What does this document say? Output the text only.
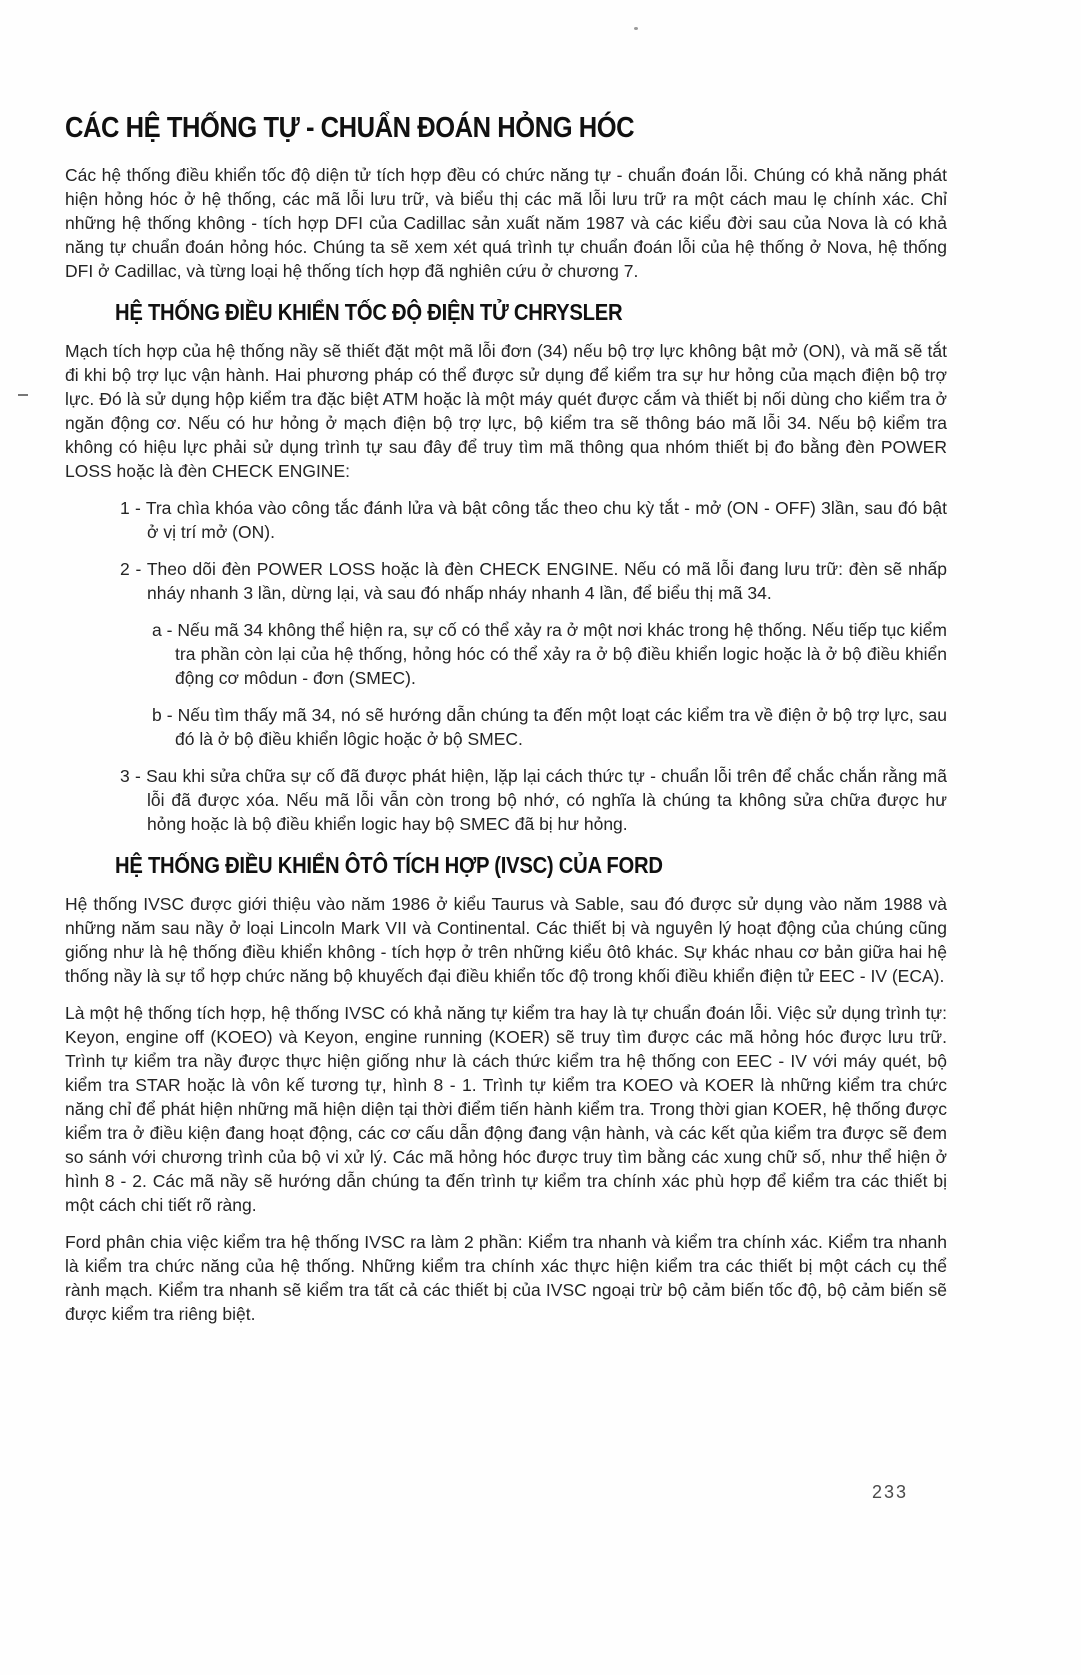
CÁC HỆ THỐNG TỰ - CHUẨN ĐOÁN HỎNG HÓC

Các hệ thống điều khiển tốc độ diện tử tích hợp đều có chức năng tự - chuẩn đoán lỗi. Chúng có khả năng phát hiện hỏng hóc ở hệ thống, các mã lỗi lưu trữ, và biểu thị các mã lỗi lưu trữ ra một cách mau lẹ chính xác. Chỉ những hệ thống không - tích hợp DFI của Cadillac sản xuất năm 1987 và các kiểu đời sau của Nova là có khả năng tự chuẩn đoán hỏng hóc. Chúng ta sẽ xem xét quá trình tự chuẩn đoán lỗi của hệ thống ở Nova, hệ thống DFI ở Cadillac, và từng loại hệ thống tích hợp đã nghiên cứu ở chương 7.

HỆ THỐNG ĐIỀU KHIỂN TỐC ĐỘ ĐIỆN TỬ CHRYSLER

Mạch tích hợp của hệ thống nầy sẽ thiết đặt một mã lỗi đơn (34) nếu bộ trợ lực không bật mở (ON), và mã sẽ tắt đi khi bộ trợ lục vận hành. Hai phương pháp có thể được sử dụng để kiểm tra sự hư hỏng của mạch điện bộ trợ lực. Đó là sử dụng hộp kiểm tra đặc biệt ATM hoặc là một máy quét được cắm và thiết bị nối dùng cho kiểm tra ở ngăn động cơ. Nếu có hư hỏng ở mạch điện bộ trợ lực, bộ kiểm tra sẽ thông báo mã lỗi 34. Nếu bộ kiểm tra không có hiệu lực phải sử dụng trình tự sau đây để truy tìm mã thông qua nhóm thiết bị đo bằng đèn POWER LOSS hoặc là đèn CHECK ENGINE:

1 - Tra chìa khóa vào công tắc đánh lửa và bật công tắc theo chu kỳ tắt - mở (ON - OFF) 3lần, sau đó bật ở vị trí mở (ON).
2 - Theo dõi đèn POWER LOSS hoặc là đèn CHECK ENGINE. Nếu có mã lỗi đang lưu trữ: đèn sẽ nhấp nháy nhanh 3 lần, dừng lại, và sau đó nhấp nháy nhanh 4 lần, để biểu thị mã 34.
a - Nếu mã 34 không thể hiện ra, sự cố có thể xảy ra ở một nơi khác trong hệ thống. Nếu tiếp tục kiểm tra phần còn lại của hệ thống, hỏng hóc có thể xảy ra ở bộ điều khiển logic hoặc là ở bộ điều khiển động cơ môdun - đơn (SMEC).
b - Nếu tìm thấy mã 34, nó sẽ hướng dẫn chúng ta đến một loạt các kiểm tra về điện ở bộ trợ lực, sau đó là ở bộ điều khiển lôgic hoặc ở bộ SMEC.
3 - Sau khi sửa chữa sự cố đã được phát hiện, lặp lại cách thức tự - chuẩn lỗi trên để chắc chắn rằng mã lỗi đã được xóa. Nếu mã lỗi vẫn còn trong bộ nhớ, có nghĩa là chúng ta không sửa chữa được hư hỏng hoặc là bộ điều khiển logic hay bộ SMEC đã bị hư hỏng.
HỆ THỐNG ĐIỀU KHIỂN ÔTÔ TÍCH HỢP (IVSC) CỦA FORD

Hệ thống IVSC được giới thiệu vào năm 1986 ở kiểu Taurus và Sable, sau đó được sử dụng vào năm 1988 và những năm sau nầy ở loại Lincoln Mark VII và Continental. Các thiết bị và nguyên lý hoạt động của chúng cũng giống như là hệ thống điều khiển không - tích hợp ở trên những kiểu ôtô khác. Sự khác nhau cơ bản giữa hai hệ thống nầy là sự tổ hợp chức năng bộ khuyếch đại điều khiển tốc độ trong khối điều khiển điện tử EEC - IV (ECA).

Là một hệ thống tích hợp, hệ thống IVSC có khả năng tự kiểm tra hay là tự chuẩn đoán lỗi. Việc sử dụng trình tự: Keyon, engine off (KOEO) và Keyon, engine running (KOER) sẽ truy tìm được các mã hỏng hóc được lưu trữ. Trình tự kiểm tra nầy được thực hiện giống như là cách thức kiểm tra hệ thống con EEC - IV với máy quét, bộ kiểm tra STAR hoặc là vôn kế tương tự, hình 8 - 1. Trình tự kiểm tra KOEO và KOER là những kiểm tra chức năng chỉ để phát hiện những mã hiện diện tại thời điểm tiến hành kiểm tra. Trong thời gian KOER, hệ thống được kiểm tra ở điều kiện đang hoạt động, các cơ cấu dẫn động đang vận hành, và các kết qủa kiểm tra được sẽ đem so sánh với chương trình của bộ vi xử lý. Các mã hỏng hóc được truy tìm bằng các xung chữ số, như thể hiện ở hình 8 - 2. Các mã nầy sẽ hướng dẫn chúng ta đến trình tự kiểm tra chính xác phù hợp để kiểm tra các thiết bị một cách chi tiết rõ ràng.

Ford phân chia việc kiểm tra hệ thống IVSC ra làm 2 phần: Kiểm tra nhanh và kiểm tra chính xác. Kiểm tra nhanh là kiểm tra chức năng của hệ thống. Những kiểm tra chính xác thực hiện kiểm tra các thiết bị một cách cụ thể rành mạch. Kiểm tra nhanh sẽ kiểm tra tất cả các thiết bị của IVSC ngoại trừ bộ cảm biến tốc độ, bộ cảm biến sẽ được kiểm tra riêng biệt.

233
